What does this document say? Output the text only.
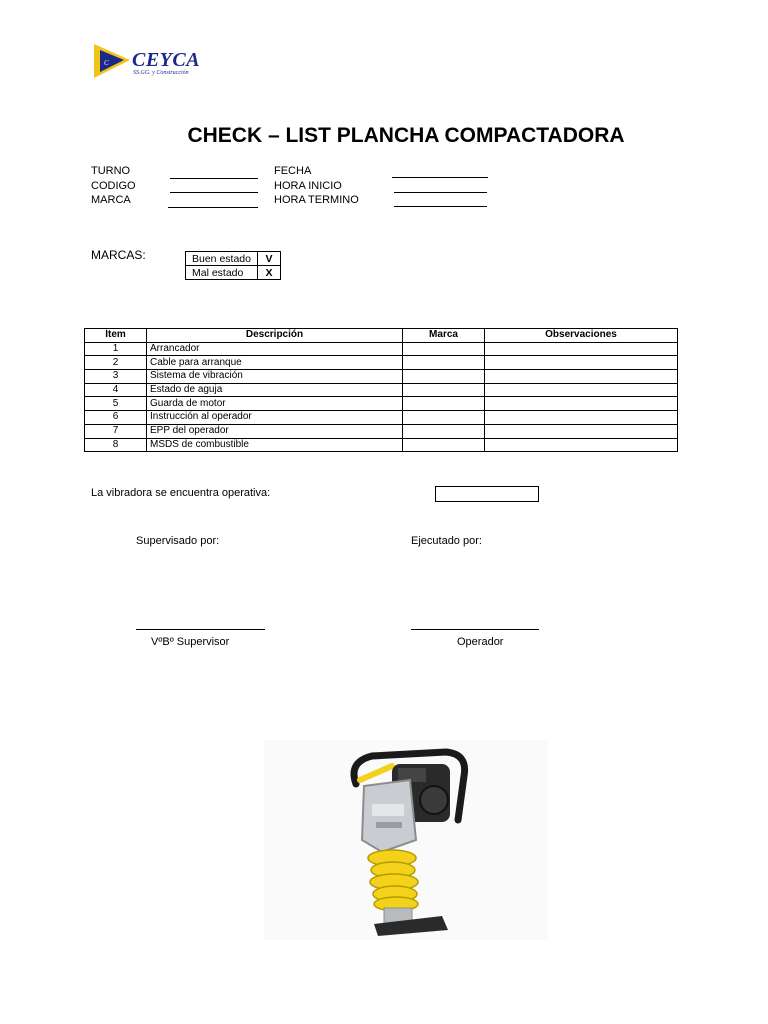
C CEYCA
SS.GG. y Construcción
CHECK – LIST PLANCHA COMPACTADORA
TURNO
CODIGO
MARCA
FECHA
HORA INICIO
HORA TERMINO
MARCAS:	Buen estado	V
Mal estado	X
Ítem	Descripción	Marca	Observaciones
1	Arrancador		
2	Cable para arranque		
3	Sistema de vibración		
4	Estado de aguja		
5	Guarda de motor		
6	Instrucción al operador		
7	EPP del operador		
8	MSDS de combustible		
La vibradora se encuentra operativa:
Supervisado por:	Ejecutado por:
VºBº Supervisor	Operador
